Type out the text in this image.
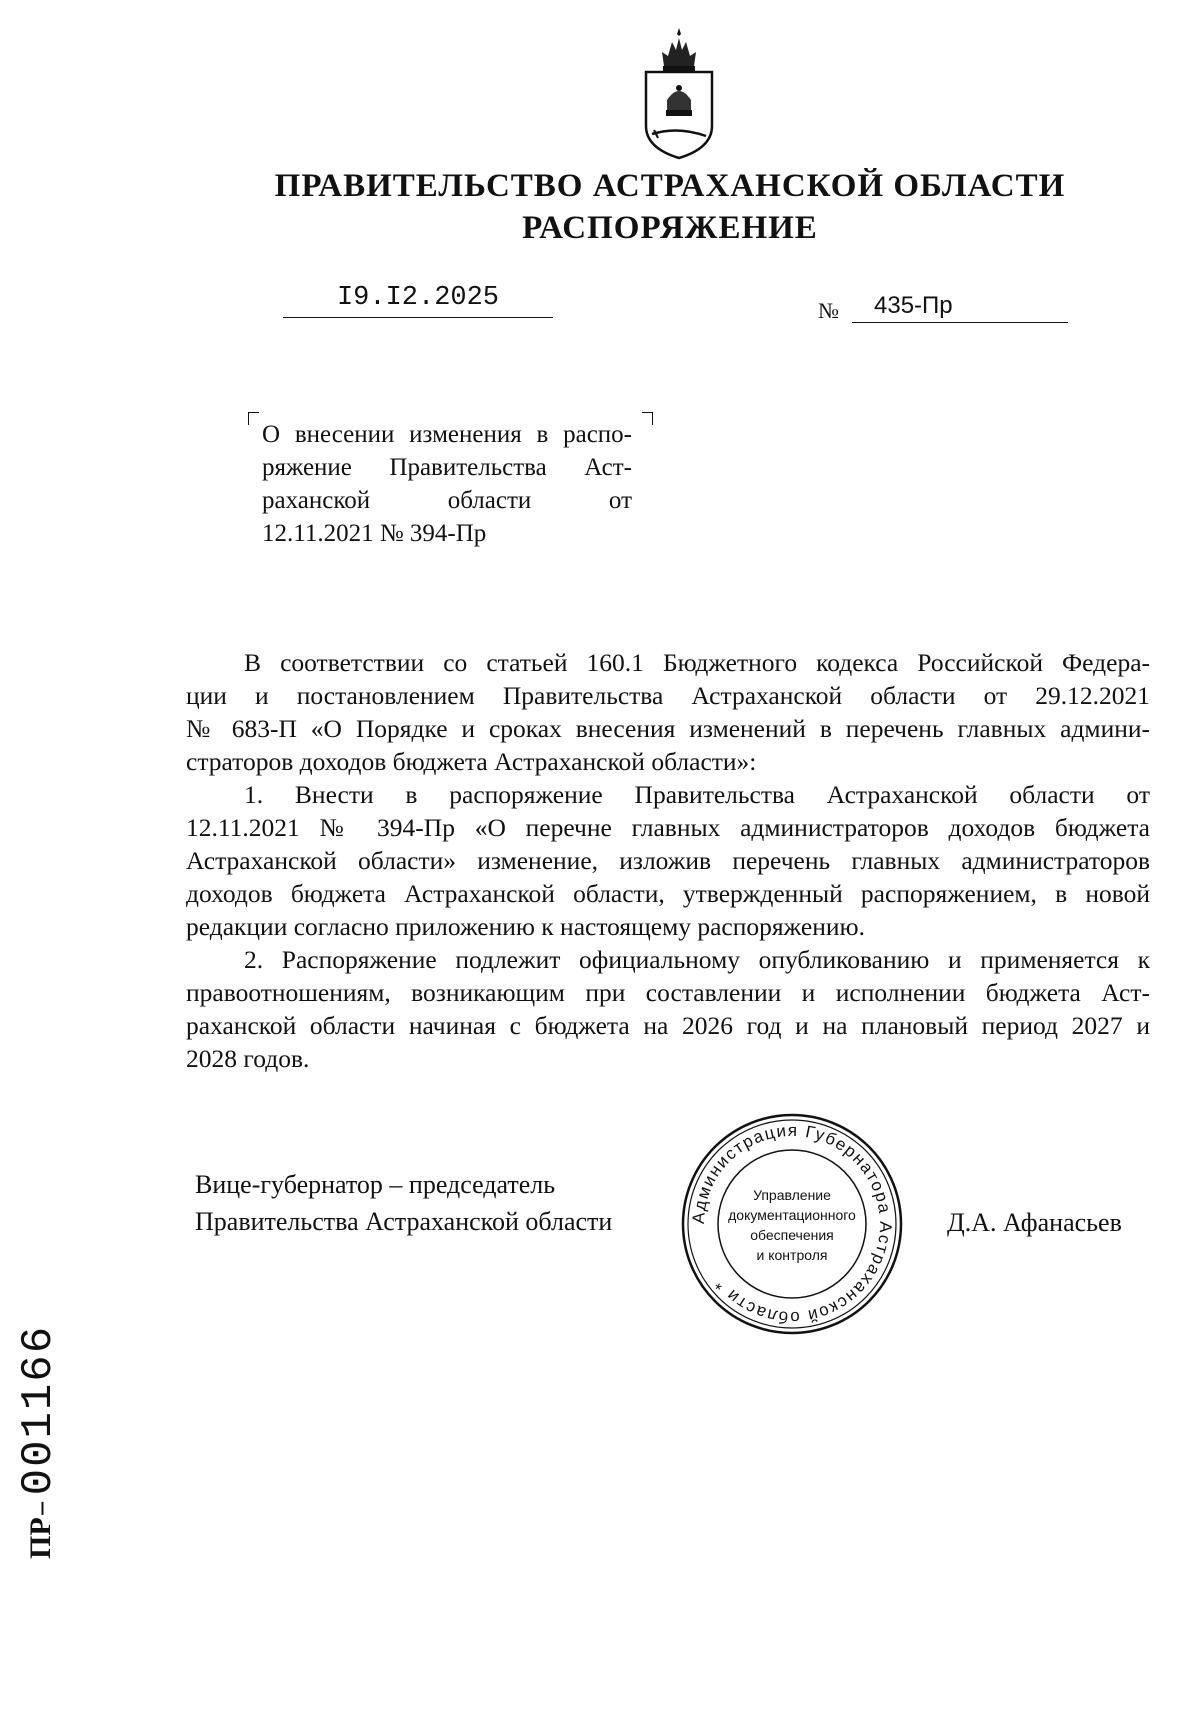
ПРАВИТЕЛЬСТВО АСТРАХАНСКОЙ ОБЛАСТИ
РАСПОРЯЖЕНИЕ
I9.I2.2025	№	435-Пр
О внесении изменения в распо-
ряжение Правительства Аст-
раханской области от
12.11.2021 № 394-Пр
В соответствии со статьей 160.1 Бюджетного кодекса Российской Федера-
ции и постановлением Правительства Астраханской области от 29.12.2021
№ 683-П «О Порядке и сроках внесения изменений в перечень главных админи-
страторов доходов бюджета Астраханской области»:
1. Внести в распоряжение Правительства Астраханской области от
12.11.2021 № 394-Пр «О перечне главных администраторов доходов бюджета
Астраханской области» изменение, изложив перечень главных администраторов
доходов бюджета Астраханской области, утвержденный распоряжением, в новой
редакции согласно приложению к настоящему распоряжению.
2. Распоряжение подлежит официальному опубликованию и применяется к
правоотношениям, возникающим при составлении и исполнении бюджета Аст-
раханской области начиная с бюджета на 2026 год и на плановый период 2027 и
2028 годов.
Вице-губернатор – председатель
Правительства Астраханской области	Д.А. Афанасьев
Администрация Губернатора Астраханской области *
Управление
документационного
обеспечения
и контроля
ПР– 001166
